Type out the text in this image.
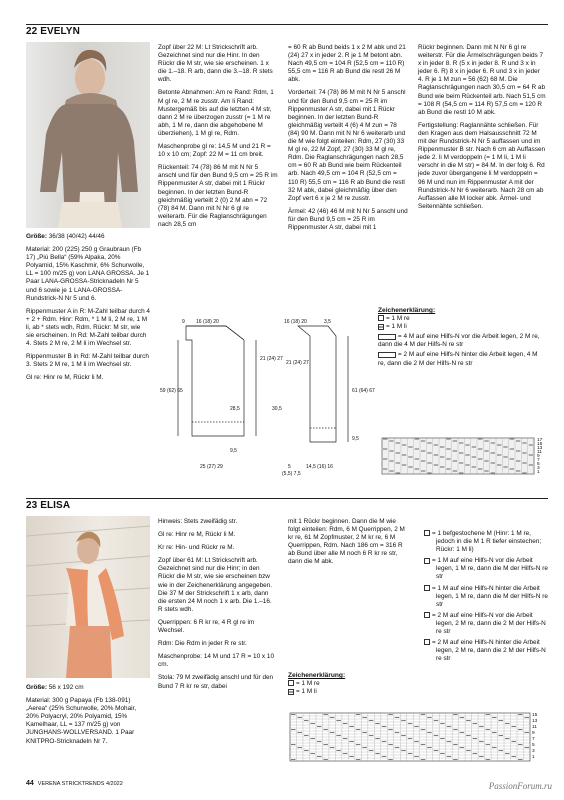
22 EVELYN

Größe: 36/38 (40/42) 44/46

Material: 200 (225) 250 g Graubraun (Fb 17) „Piú Bella“ (59% Alpaka, 20% Polyamid, 15% Kaschmir, 6% Schurwolle, LL = 100 m/25 g) von LANA GROSSA. Je 1 Paar LANA-GROSSA-Stricknadeln Nr 5 und 6 sowie je 1 LANA-GROSSA-Rundstrick-N Nr 5 und 6.

Rippenmuster A in R: M-Zahl teilbar durch 4 + 2 + Rdm. Hinr: Rdm, * 1 M li, 2 M re, 1 M li, ab * stets wdh, Rdm. Rückr: M str, wie sie erscheinen. In Rd: M-Zahl teilbar durch 4. Stets 2 M re, 2 M li im Wechsel str.

Rippenmuster B in Rd: M-Zahl teilbar durch 3. Stets 2 M re, 1 M li im Wechsel str.

Gl re: Hinr re M, Rückr li M.

Zopf über 22 M: Lt Strickschrift arb. Gezeichnet sind nur die Hinr. In den Rückr die M str, wie sie erscheinen. 1 x die 1.–18. R arb, dann die 3.–18. R stets wdh.

Betonte Abnahmen: Am re Rand: Rdm, 1 M gl re, 2 M re zusstr. Am li Rand: Mustergemäß bis auf die letzten 4 M str, dann 2 M re überzogen zusstr (= 1 M re abh, 1 M re, dann die abgehobene M überziehen), 1 M gl re, Rdm.

Maschenprobe gl re: 14,5 M und 21 R = 10 x 10 cm; Zopf: 22 M = 11 cm breit.

Rückenteil: 74 (78) 86 M mit N Nr 5 anschl und für den Bund 9,5 cm = 25 R im Rippenmuster A str, dabei mit 1 Rückr beginnen. In der letzten Bund-R gleichmäßig verteilt 2 (0) 2 M abn = 72 (78) 84 M. Dann mit N Nr 6 gl re weiterarb. Für die Raglanschrägungen nach 28,5 cm

= 60 R ab Bund beids 1 x 2 M abk und 21 (24) 27 x in jeder 2. R je 1 M betont abn. Nach 49,5 cm = 104 R (52,5 cm = 110 R) 55,5 cm = 116 R ab Bund die restl 26 M abk.

Vorderteil: 74 (78) 86 M mit N Nr 5 anschl und für den Bund 9,5 cm = 25 R im Rippenmuster A str, dabei mit 1 Rückr beginnen. In der letzten Bund-R gleichmäßig verteilt 4 (6) 4 M zun = 78 (84) 90 M. Dann mit N Nr 6 weiterarb und die M wie folgt einteilen: Rdm, 27 (30) 33 M gl re, 22 M Zopf, 27 (30) 33 M gl re, Rdm. Die Raglanschrägungen nach 28,5 cm = 60 R ab Bund wie beim Rückenteil arb. Nach 49,5 cm = 104 R (52,5 cm = 110 R) 55,5 cm = 116 R ab Bund die restl 32 M abk, dabei gleichmäßig über den Zopf vert 6 x je 2 M re zusstr.

Ärmel: 42 (46) 46 M mit N Nr 5 anschl und für den Bund 9,5 cm = 25 R im Rippenmuster A str, dabei mit 1

Rückr beginnen. Dann mit N Nr 6 gl re weiterstr. Für die Ärmelschrägungen beids 7 x in jeder 8. R (5 x in jeder 8. R und 3 x in jeder 6. R) 8 x in jeder 6. R und 3 x in jeder 4. R je 1 M zun = 56 (62) 68 M. Die Raglanschrägungen nach 30,5 cm = 64 R ab Bund wie beim Rückenteil arb. Nach 51,5 cm = 108 R (54,5 cm = 114 R) 57,5 cm = 120 R ab Bund die restl 10 M abk.

Fertigstellung: Raglannähte schließen. Für den Kragen aus dem Halsausschnitt 72 M mit der Rundstrick-N Nr 5 auffassen und im Rippenmuster B str. Nach 6 cm ab Auffassen jede 2. li M verdoppeln (= 1 M li, 1 M li verschr in die M str) = 84 M. In der folg 6. Rd jede zuvor übergangene li M verdoppeln = 96 M und nun im Rippenmuster A mit der Rundstrick-N Nr 6 weiterarb. Nach 28 cm ab Auffassen alle M locker abk. Ärmel- und Seitennähte schließen.

9 16 (18) 20
21 (24) 27
59 (62) 65
28,5
9,5
25 (27) 29
16 (18) 20	3,5
21 (24) 27
30,5
61 (64) 67
9,5
14,5 (16) 16
5
(5,5) 7,5
Zeichenerklärung:
= 1 M re
= 1 M li
= 4 M auf eine Hilfs-N vor die Arbeit legen, 2 M re, dann die 4 M der Hilfs-N re str
= 2 M auf eine Hilfs-N hinter die Arbeit legen, 4 M re, dann die 2 M der Hilfs-N re str
17
15
13
11
9
7
5
3
1
23 ELISA

Größe: 56 x 192 cm

Material: 300 g Papaya (Fb 138-091) „Aerea“ (25% Schurwolle, 20% Mohair, 20% Polyacryl, 20% Polyamid, 15% Kamelhaar, LL = 137 m/25 g) von JUNGHANS-WOLLVERSAND. 1 Paar KNITPRO-Stricknadeln Nr 7.

Hinweis: Stets zweifädig str.

Gl re: Hinr re M, Rückr li M.

Kr re: Hin- und Rückr re M.

Zopf über 61 M: Lt Strickschrift arb. Gezeichnet sind nur die Hinr; in den Rückr die M str, wie sie erscheinen bzw wie in der Zeichenerklärung angegeben. Die 37 M der Strickschrift 1 x arb, dann die ersten 24 M noch 1 x arb. Die 1.–16. R stets wdh.

Querrippen: 6 R kr re, 4 R gl re im Wechsel.

Rdm: Die Rdm in jeder R re str.

Maschenprobe: 14 M und 17 R = 10 x 10 cm.

Stola: 79 M zweifädig anschl und für den Bund 7 R kr re str, dabei

mit 1 Rückr beginnen. Dann die M wie folgt einteilen: Rdm, 6 M Querrippen, 2 M kr re, 61 M Zopfmuster, 2 M kr re, 6 M Querrippen, Rdm. Nach 186 cm = 316 R ab Bund über alle M noch 6 R kr re str, dann die M abk.

Zeichenerklärung:
= 1 M re
= 1 M li
= 1 befgestochene M (Hinr: 1 M re, jedoch in die M 1 R tiefer einstechen; Rückr: 1 M li)
= 1 M auf eine Hilfs-N vor die Arbeit legen, 1 M re, dann die M der Hilfs-N re str
= 1 M auf eine Hilfs-N hinter die Arbeit legen, 1 M re, dann die M der Hilfs-N re str
= 2 M auf eine Hilfs-N vor die Arbeit legen, 2 M re, dann die 2 M der Hilfs-N re str
= 2 M auf eine Hilfs-N hinter die Arbeit legen, 2 M re, dann die 2 M der Hilfs-N re str
15
13
11
9
7
5
3
1
44 VERENA STRICKTRENDS 4/2022	PassionForum.ru
